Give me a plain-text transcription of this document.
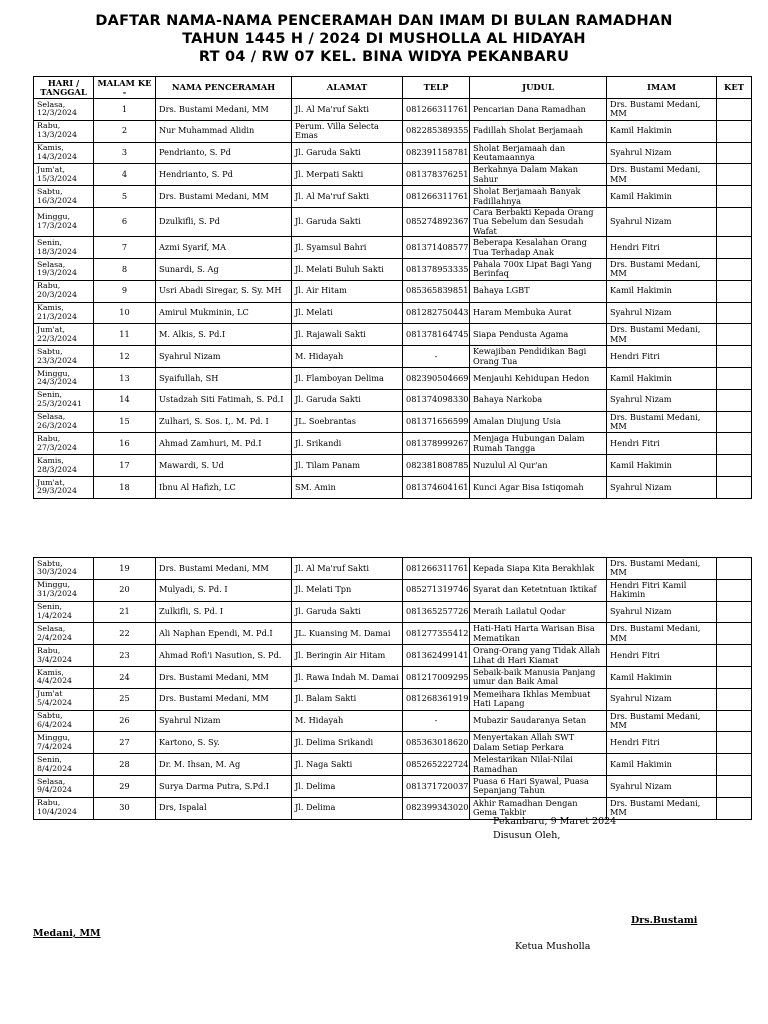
DAFTAR NAMA-NAMA PENCERAMAH DAN IMAM DI BULAN RAMADHAN
TAHUN 1445 H / 2024 DI MUSHOLLA AL HIDAYAH
RT 04 / RW 07 KEL. BINA WIDYA PEKANBARU
HARI / TANGGAL	MALAM KE -	NAMA PENCERAMAH	ALAMAT	TELP	JUDUL	IMAM	KET
Selasa, 12/3/2024	1	Drs. Bustami Medani, MM	Jl. Al Ma'ruf Sakti	081266311761	Pencarian Dana Ramadhan	Drs. Bustami Medani, MM	
Rabu, 13/3/2024	2	Nur Muhammad Alidin	Perum. Villa Selecta Emas	082285389355	Fadillah Sholat Berjamaah	Kamil Hakimin	
Kamis, 14/3/2024	3	Pendrianto, S. Pd	Jl. Garuda Sakti	082391158781	Sholat Berjamaah dan Keutamaannya	Syahrul Nizam	
Jum'at, 15/3/2024	4	Hendrianto, S. Pd	Jl. Merpati Sakti	081378376251	Berkahnya Dalam Makan Sahur	Drs. Bustami Medani, MM	
Sabtu, 16/3/2024	5	Drs. Bustami Medani, MM	Jl. Al Ma'ruf Sakti	081266311761	Sholat Berjamaah Banyak Fadillahnya	Kamil Hakimin	
Minggu, 17/3/2024	6	Dzulkifli, S. Pd	Jl. Garuda Sakti	085274892367	Cara Berbakti Kepada Orang Tua Sebelum dan Sesudah Wafat	Syahrul Nizam	
Senin, 18/3/2024	7	Azmi Syarif, MA	Jl. Syamsul Bahri	081371408577	Beberapa Kesalahan Orang Tua Terhadap Anak	Hendri Fitri	
Selasa, 19/3/2024	8	Sunardi, S. Ag	Jl. Melati Buluh Sakti	081378953335	Pahala 700x Lipat Bagi Yang Berinfaq	Drs. Bustami Medani, MM	
Rabu, 20/3/2024	9	Usri Abadi Siregar, S. Sy. MH	Jl. Air Hitam	085365839851	Bahaya LGBT	Kamil Hakimin	
Kamis, 21/3/2024	10	Amirul Mukminin, LC	Jl. Melati	081282750443	Haram Membuka Aurat	Syahrul Nizam	
Jum'at, 22/3/2024	11	M. Alkis, S. Pd.I	Jl. Rajawali Sakti	081378164745	Siapa Pendusta Agama	Drs. Bustami Medani, MM	
Sabtu, 23/3/2024	12	Syahrul Nizam	M. Hidayah	-	Kewajiban Pendidikan Bagi Orang Tua	Hendri Fitri	
Minggu, 24/3/2024	13	Syaifullah, SH	Jl. Flamboyan Delima	082390504669	Menjauhi Kehidupan Hedon	Kamil Hakimin	
Senin, 25/3/20241	14	Ustadzah Siti Fatimah, S. Pd.I	Jl. Garuda Sakti	081374098330	Bahaya Narkoba	Syahrul Nizam	
Selasa, 26/3/2024	15	Zulhari, S. Sos. I,. M. Pd. I	JL. Soebrantas	081371656599	Amalan Diujung Usia	Drs. Bustami Medani, MM	
Rabu, 27/3/2024	16	Ahmad Zamhuri, M. Pd.I	Jl. Srikandi	081378999267	Menjaga Hubungan Dalam Rumah Tangga	Hendri Fitri	
Kamis, 28/3/2024	17	Mawardi, S. Ud	Jl. Tilam Panam	082381808785	Nuzulul Al Qur'an	Kamil Hakimin	
Jum'at, 29/3/2024	18	Ibnu Al Hafizh, LC	SM. Amin	081374604161	Kunci Agar Bisa Istiqomah	Syahrul Nizam	
Sabtu, 30/3/2024	19	Drs. Bustami Medani, MM	Jl. Al Ma'ruf Sakti	081266311761	Kepada Siapa Kita Berakhlak	Drs. Bustami Medani, MM	
Minggu, 31/3/2024	20	Mulyadi, S. Pd. I	Jl. Melati Tpn	085271319746	Syarat dan Ketetntuan Iktikaf	Hendri Fitri Kamil Hakimin	
Senin, 1/4/2024	21	Zulkifli, S. Pd. I	Jl. Garuda Sakti	081365257726	Meraih Lailatul Qodar	Syahrul Nizam	
Selasa, 2/4/2024	22	Ali Naphan Ependi, M. Pd.I	JL. Kuansing M. Damai	081277355412	Hati-Hati Harta Warisan Bisa Mematikan	Drs. Bustami Medani, MM	
Rabu, 3/4/2024	23	Ahmad Rofi'i Nasution, S. Pd.	Jl. Beringin Air Hitam	081362499141	Orang-Orang yang Tidak Allah Lihat di Hari Kiamat	Hendri Fitri	
Kamis, 4/4/2024	24	Drs. Bustami Medani, MM	Jl. Rawa Indah M. Damai	081217009295	Sebaik-baik Manusia Panjang umur dan Baik Amal	Kamil Hakimin	
Jum'at 5/4/2024	25	Drs. Bustami Medani, MM	Jl. Balam Sakti	081268361919	Memeihara Ikhlas Membuat Hati Lapang	Syahrul Nizam	
Sabtu, 6/4/2024	26	Syahrul Nizam	M. Hidayah	-	Mubazir Saudaranya Setan	Drs. Bustami Medani, MM	
Minggu, 7/4/2024	27	Kartono, S. Sy.	Jl. Delima Srikandi	085363018620	Menyertakan Allah SWT Dalam Setiap Perkara	Hendri Fitri	
Senin, 8/4/2024	28	Dr. M. Ihsan, M. Ag	Jl. Naga Sakti	085265222724	Melestarikan Nilai-Nilai Ramadhan	Kamil Hakimin	
Selasa, 9/4/2024	29	Surya Darma Putra, S.Pd.I	Jl. Delima	081371720037	Puasa 6 Hari Syawal, Puasa Sepanjang Tahun	Syahrul Nizam	
Rabu, 10/4/2024	30	Drs, Ispalal	Jl. Delima	082399343020	Akhir Ramadhan Dengan Gema Takbir	Drs. Bustami Medani, MM	
Pekanbaru, 9 Maret 2024
Disusun Oleh,
Drs.Bustami
Medani, MM
Ketua Musholla
